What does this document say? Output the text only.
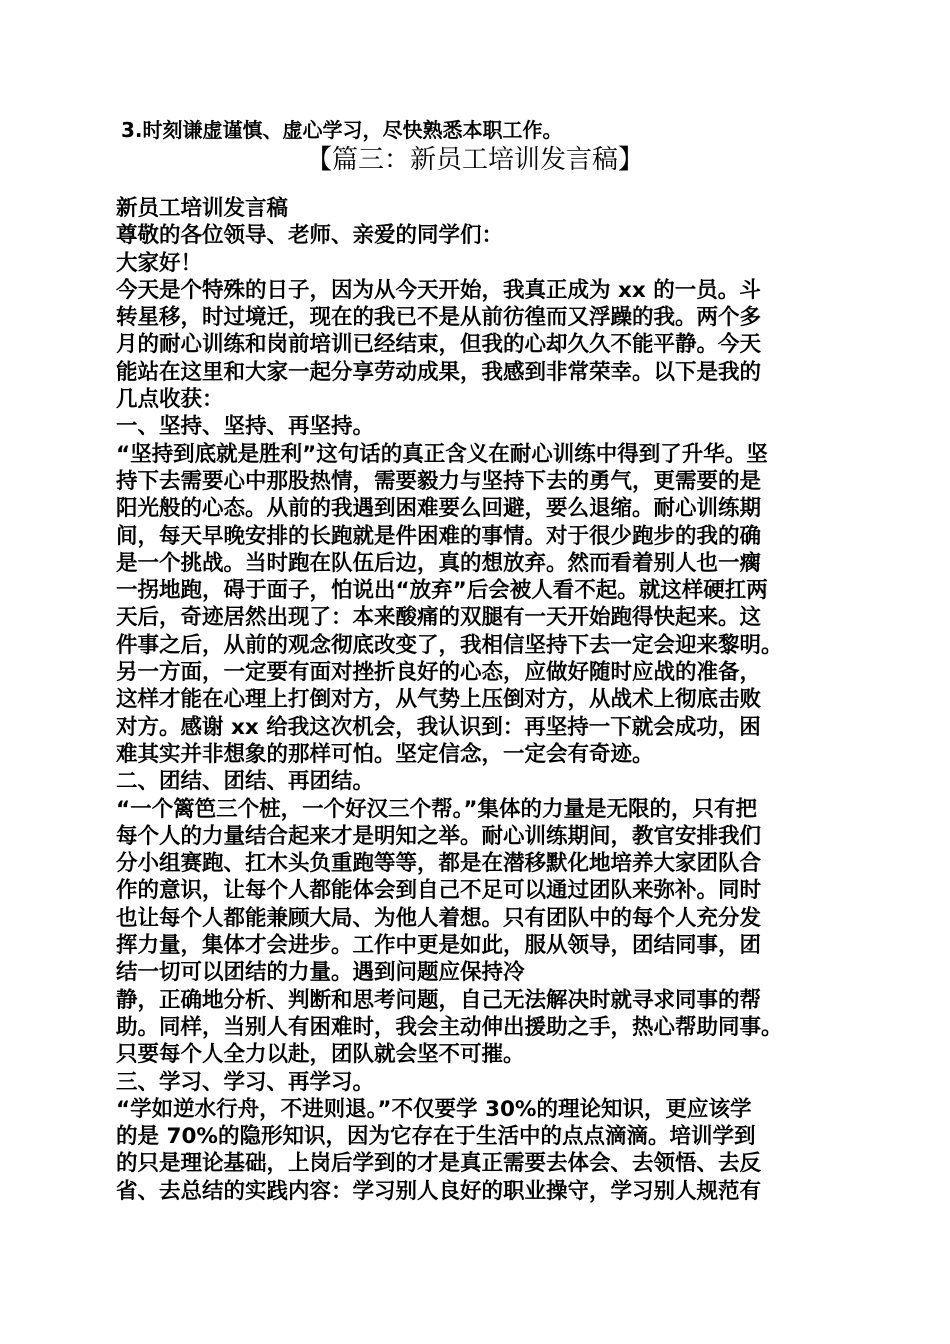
3.时刻谦虚谨慎、虚心学习，尽快熟悉本职工作。
【篇三：新员工培训发言稿】
新员工培训发言稿
尊敬的各位领导、老师、亲爱的同学们：
大家好！
今天是个特殊的日子，因为从今天开始，我真正成为 xx 的一员。斗
转星移，时过境迁，现在的我已不是从前彷徨而又浮躁的我。两个多
月的耐心训练和岗前培训已经结束，但我的心却久久不能平静。今天
能站在这里和大家一起分享劳动成果，我感到非常荣幸。以下是我的
几点收获：
一、坚持、坚持、再坚持。
“坚持到底就是胜利”这句话的真正含义在耐心训练中得到了升华。坚
持下去需要心中那股热情，需要毅力与坚持下去的勇气，更需要的是
阳光般的心态。从前的我遇到困难要么回避，要么退缩。耐心训练期
间，每天早晚安排的长跑就是件困难的事情。对于很少跑步的我的确
是一个挑战。当时跑在队伍后边，真的想放弃。然而看着别人也一瘸
一拐地跑，碍于面子，怕说出“放弃”后会被人看不起。就这样硬扛两
天后，奇迹居然出现了：本来酸痛的双腿有一天开始跑得快起来。这
件事之后，从前的观念彻底改变了，我相信坚持下去一定会迎来黎明。
另一方面，一定要有面对挫折良好的心态，应做好随时应战的准备，
这样才能在心理上打倒对方，从气势上压倒对方，从战术上彻底击败
对方。感谢 xx 给我这次机会，我认识到：再坚持一下就会成功，困
难其实并非想象的那样可怕。坚定信念，一定会有奇迹。
二、团结、团结、再团结。
“一个篱笆三个桩，一个好汉三个帮。”集体的力量是无限的，只有把
每个人的力量结合起来才是明知之举。耐心训练期间，教官安排我们
分小组赛跑、扛木头负重跑等等，都是在潜移默化地培养大家团队合
作的意识，让每个人都能体会到自己不足可以通过团队来弥补。同时
也让每个人都能兼顾大局、为他人着想。只有团队中的每个人充分发
挥力量，集体才会进步。工作中更是如此，服从领导，团结同事，团
结一切可以团结的力量。遇到问题应保持冷
静，正确地分析、判断和思考问题，自己无法解决时就寻求同事的帮
助。同样，当别人有困难时，我会主动伸出援助之手，热心帮助同事。
只要每个人全力以赴，团队就会坚不可摧。
三、学习、学习、再学习。
“学如逆水行舟，不进则退。”不仅要学 30%的理论知识，更应该学
的是 70%的隐形知识，因为它存在于生活中的点点滴滴。培训学到
的只是理论基础，上岗后学到的才是真正需要去体会、去领悟、去反
省、去总结的实践内容：学习别人良好的职业操守，学习别人规范有
